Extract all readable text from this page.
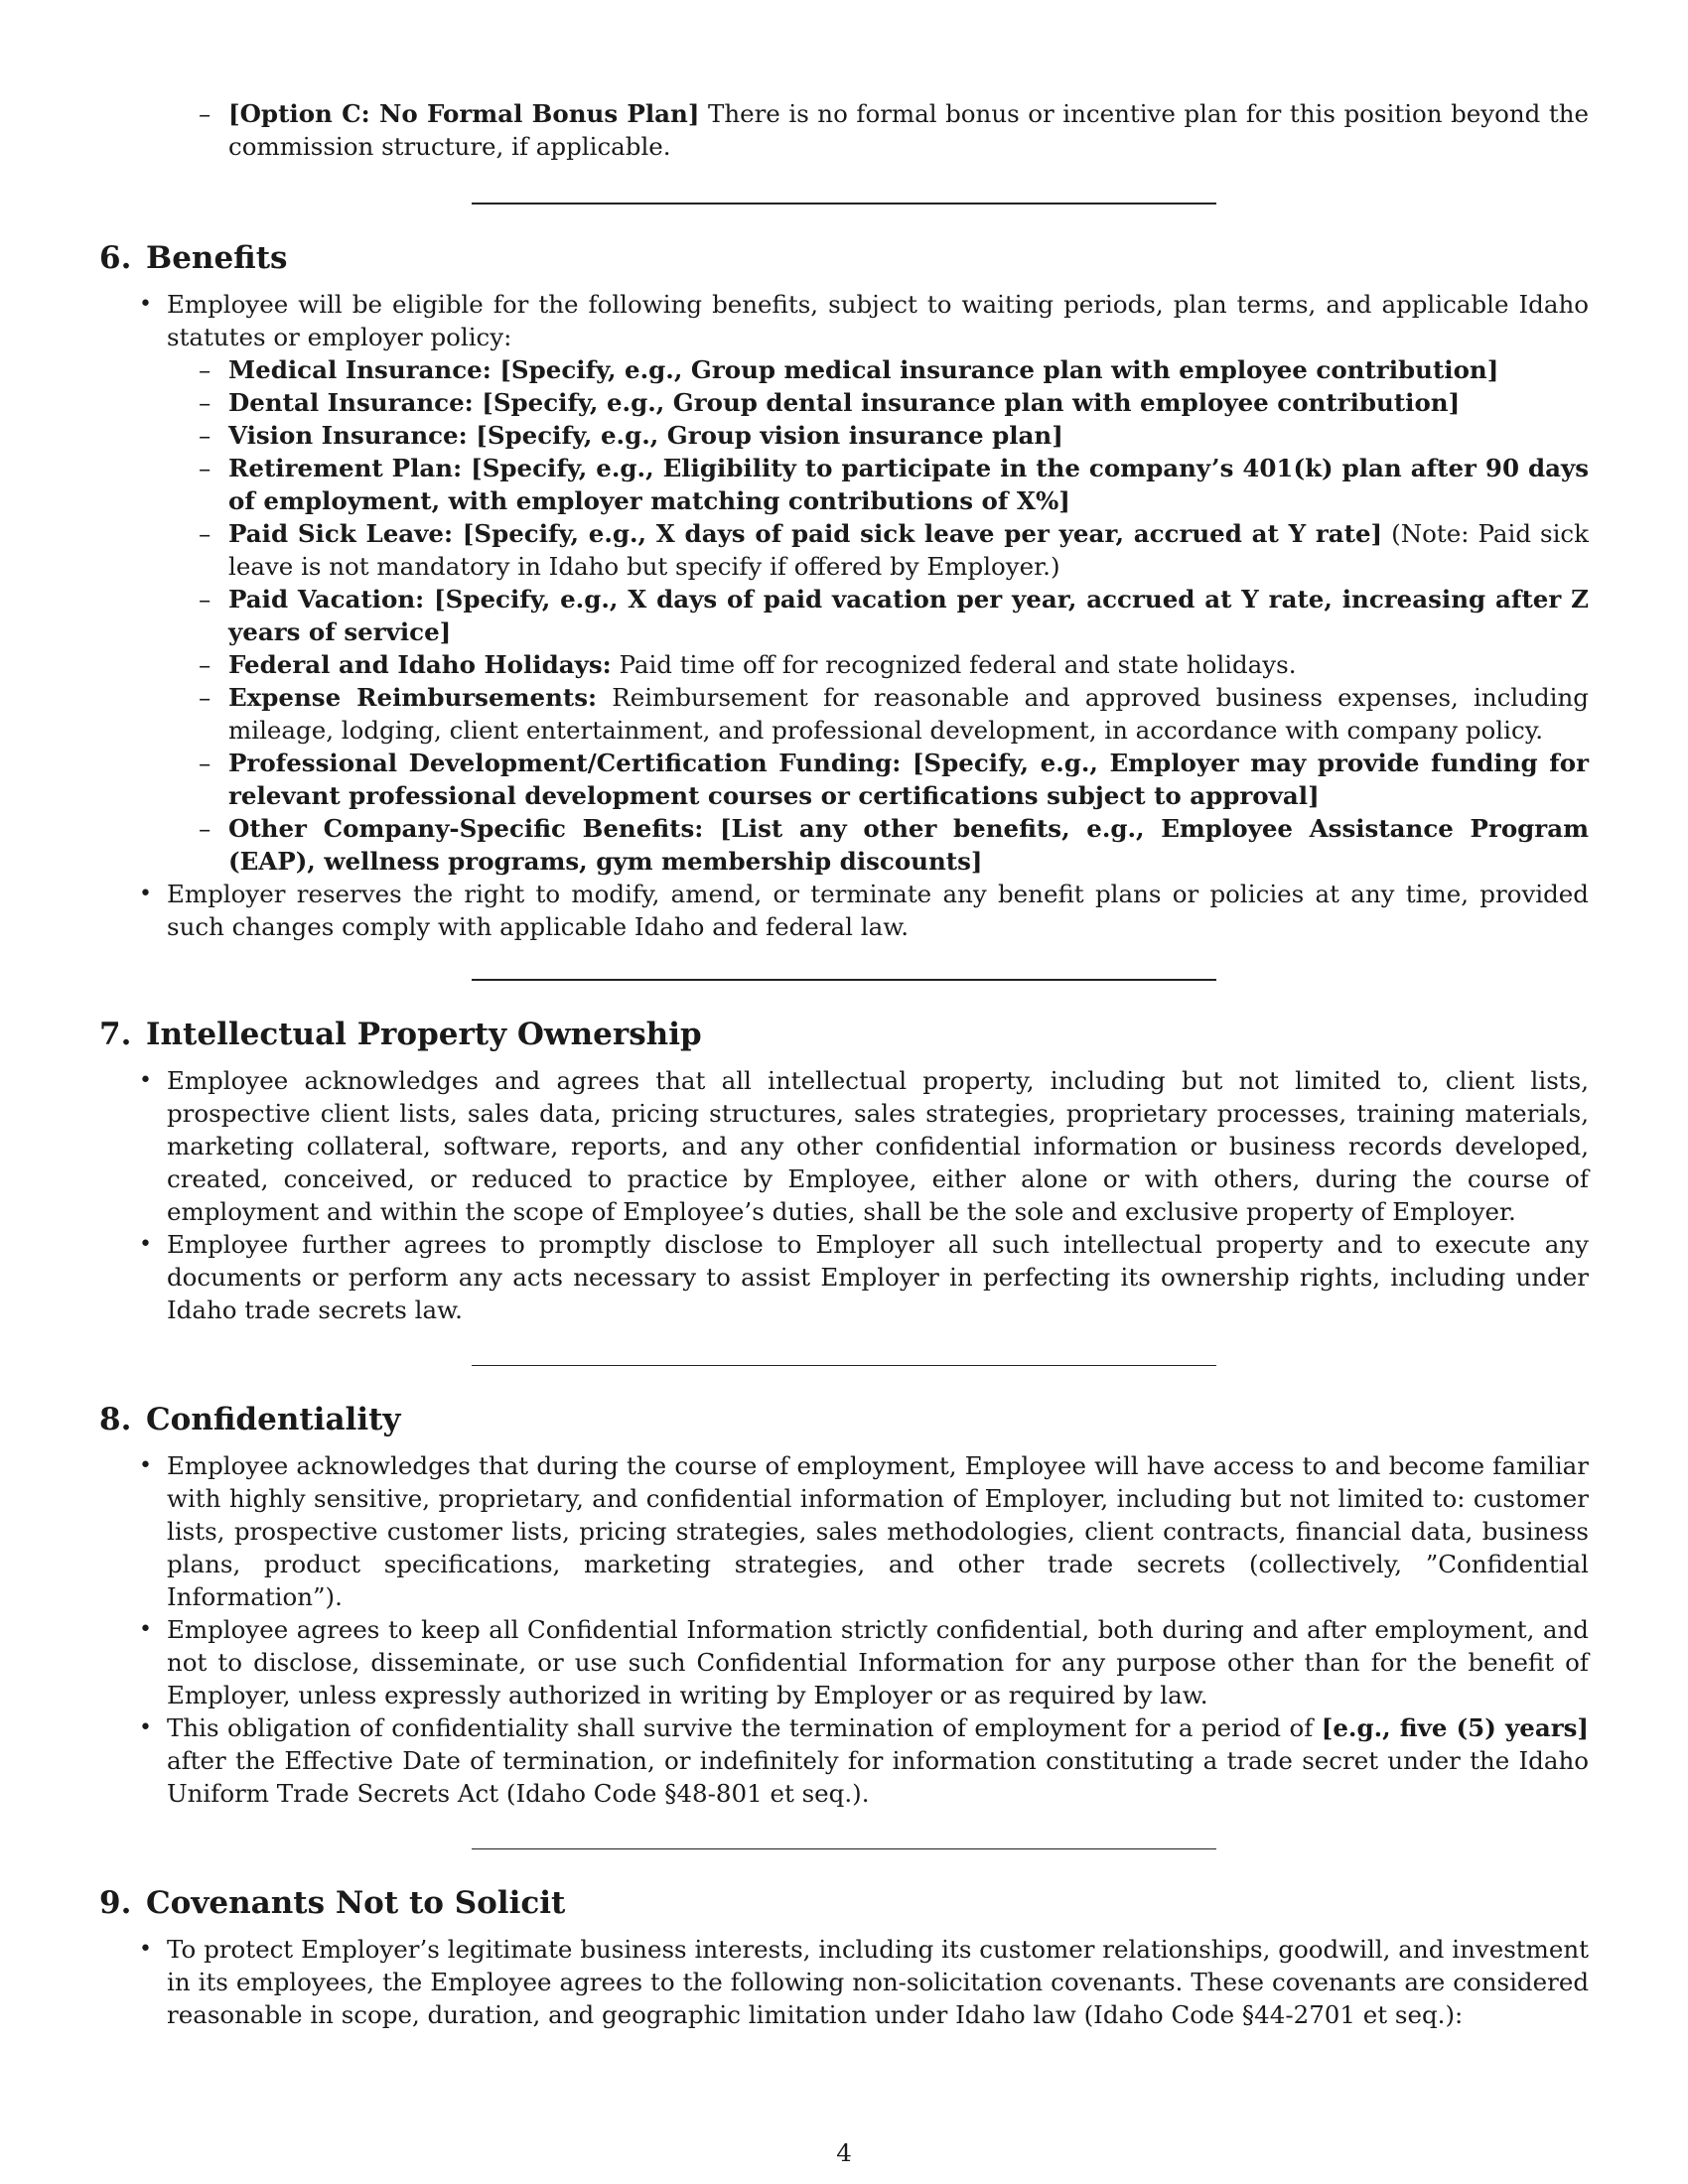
– [Option C: No Formal Bonus Plan] There is no formal bonus or incentive plan for this position beyond the commission structure, if applicable.
6. Benefits
• Employee will be eligible for the following benefits, subject to waiting periods, plan terms, and applicable Idaho statutes or employer policy:
– Medical Insurance: [Specify, e.g., Group medical insurance plan with employee contribution]
– Dental Insurance: [Specify, e.g., Group dental insurance plan with employee contribution]
– Vision Insurance: [Specify, e.g., Group vision insurance plan]
– Retirement Plan: [Specify, e.g., Eligibility to participate in the company’s 401(k) plan after 90 days of employment, with employer matching contributions of X%]
– Paid Sick Leave: [Specify, e.g., X days of paid sick leave per year, accrued at Y rate] (Note: Paid sick leave is not mandatory in Idaho but specify if offered by Employer.)
– Paid Vacation: [Specify, e.g., X days of paid vacation per year, accrued at Y rate, increasing after Z years of service]
– Federal and Idaho Holidays: Paid time off for recognized federal and state holidays.
– Expense Reimbursements: Reimbursement for reasonable and approved business expenses, including mileage, lodging, client entertainment, and professional development, in accordance with company policy.
– Professional Development/Certification Funding: [Specify, e.g., Employer may provide funding for relevant professional development courses or certifications subject to approval]
– Other Company-Specific Benefits: [List any other benefits, e.g., Employee Assistance Program (EAP), wellness programs, gym membership discounts]
• Employer reserves the right to modify, amend, or terminate any benefit plans or policies at any time, provided such changes comply with applicable Idaho and federal law.
7. Intellectual Property Ownership
• Employee acknowledges and agrees that all intellectual property, including but not limited to, client lists, prospective client lists, sales data, pricing structures, sales strategies, proprietary processes, training materials, marketing collateral, software, reports, and any other confidential information or business records developed, created, conceived, or reduced to practice by Employee, either alone or with others, during the course of employment and within the scope of Employee’s duties, shall be the sole and exclusive property of Employer.
• Employee further agrees to promptly disclose to Employer all such intellectual property and to execute any documents or perform any acts necessary to assist Employer in perfecting its ownership rights, including under Idaho trade secrets law.
8. Confidentiality
• Employee acknowledges that during the course of employment, Employee will have access to and become familiar with highly sensitive, proprietary, and confidential information of Employer, including but not limited to: customer lists, prospective customer lists, pricing strategies, sales methodologies, client contracts, financial data, business plans, product specifications, marketing strategies, and other trade secrets (collectively, ”Confidential Information”).
• Employee agrees to keep all Confidential Information strictly confidential, both during and after employment, and not to disclose, disseminate, or use such Confidential Information for any purpose other than for the benefit of Employer, unless expressly authorized in writing by Employer or as required by law.
• This obligation of confidentiality shall survive the termination of employment for a period of [e.g., five (5) years] after the Effective Date of termination, or indefinitely for information constituting a trade secret under the Idaho Uniform Trade Secrets Act (Idaho Code §48-801 et seq.).
9. Covenants Not to Solicit
• To protect Employer’s legitimate business interests, including its customer relationships, goodwill, and investment in its employees, the Employee agrees to the following non-solicitation covenants. These covenants are considered reasonable in scope, duration, and geographic limitation under Idaho law (Idaho Code §44-2701 et seq.):
4
